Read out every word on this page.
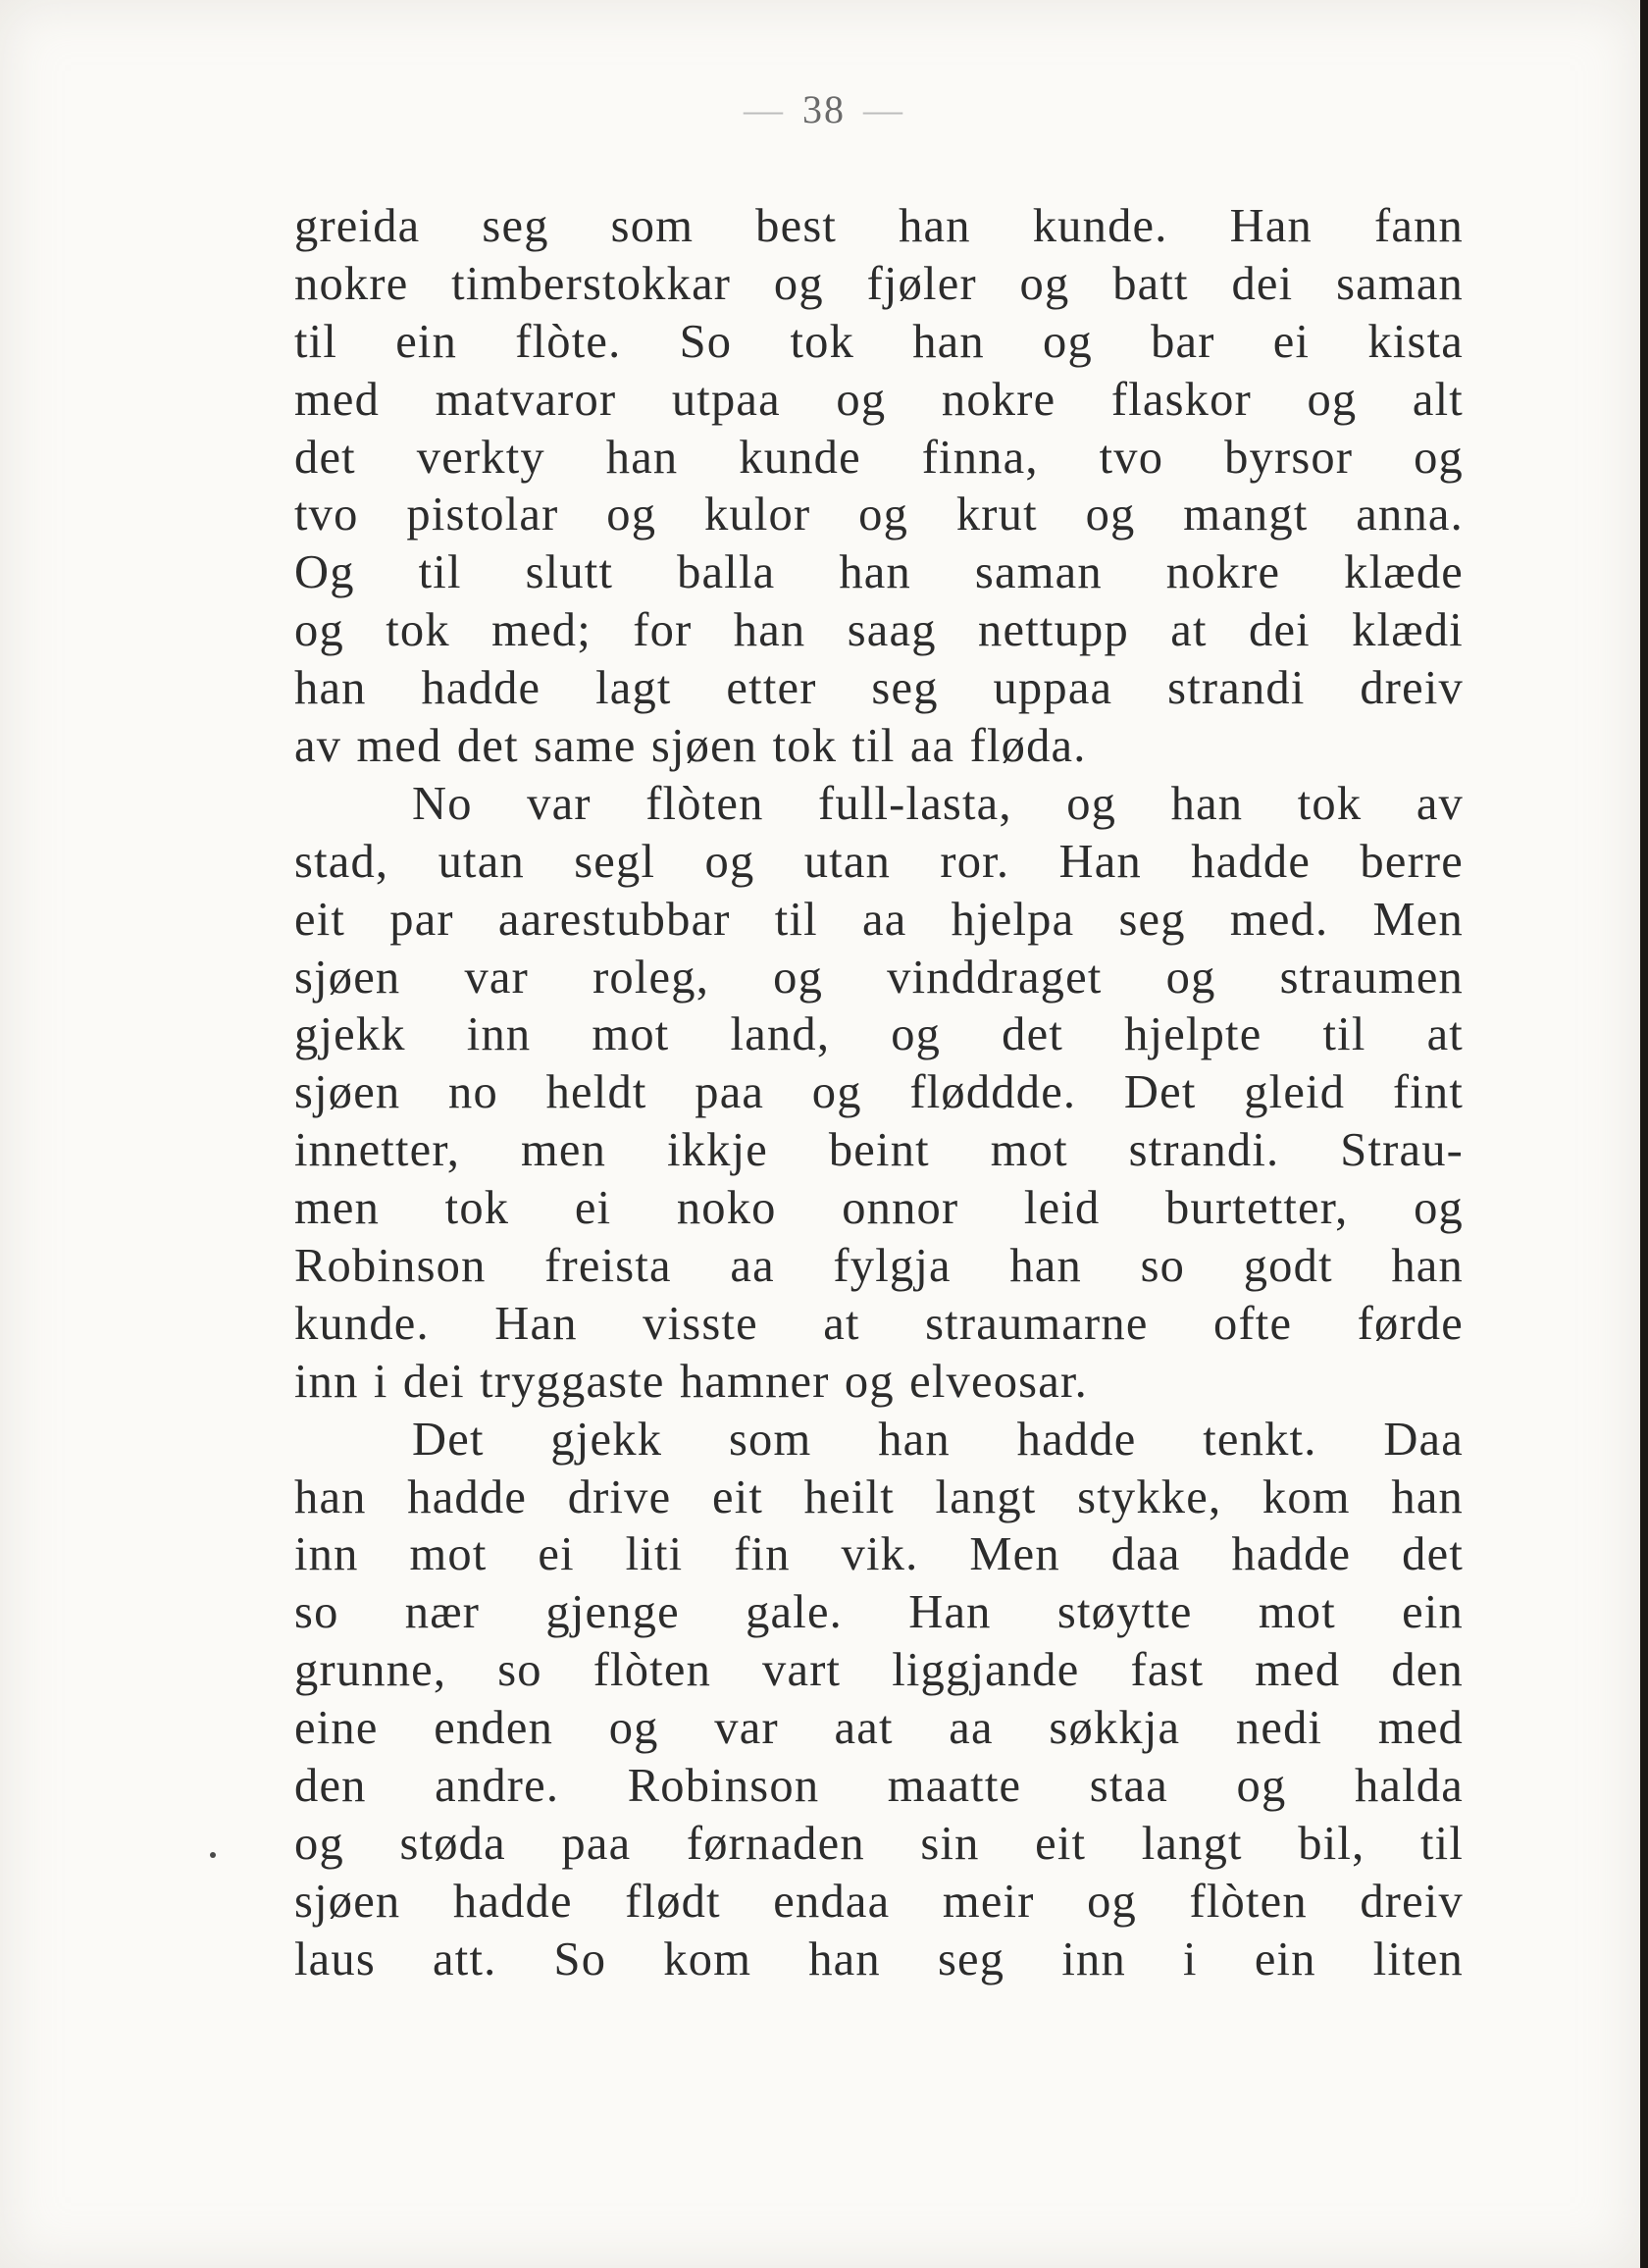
— 38 —
greida seg som best han kunde. Han fann
nokre timberstokkar og fjøler og batt dei saman
til ein flòte. So tok han og bar ei kista
med matvaror utpaa og nokre flaskor og alt
det verkty han kunde finna, tvo byrsor og
tvo pistolar og kulor og krut og mangt anna.
Og til slutt balla han saman nokre klæde
og tok med; for han saag nettupp at dei klædi
han hadde lagt etter seg uppaa strandi dreiv
av med det same sjøen tok til aa fløda.
No var flòten full-lasta, og han tok av
stad, utan segl og utan ror. Han hadde berre
eit par aarestubbar til aa hjelpa seg med. Men
sjøen var roleg, og vinddraget og straumen
gjekk inn mot land, og det hjelpte til at
sjøen no heldt paa og fløddde. Det gleid fint
innetter, men ikkje beint mot strandi. Strau-
men tok ei noko onnor leid burtetter, og
Robinson freista aa fylgja han so godt han
kunde. Han visste at straumarne ofte førde
inn i dei tryggaste hamner og elveosar.
Det gjekk som han hadde tenkt. Daa
han hadde drive eit heilt langt stykke, kom han
inn mot ei liti fin vik. Men daa hadde det
so nær gjenge gale. Han støytte mot ein
grunne, so flòten vart liggjande fast med den
eine enden og var aat aa søkkja nedi med
den andre. Robinson maatte staa og halda
og støda paa førnaden sin eit langt bil, til
sjøen hadde flødt endaa meir og flòten dreiv
laus att. So kom han seg inn i ein liten
